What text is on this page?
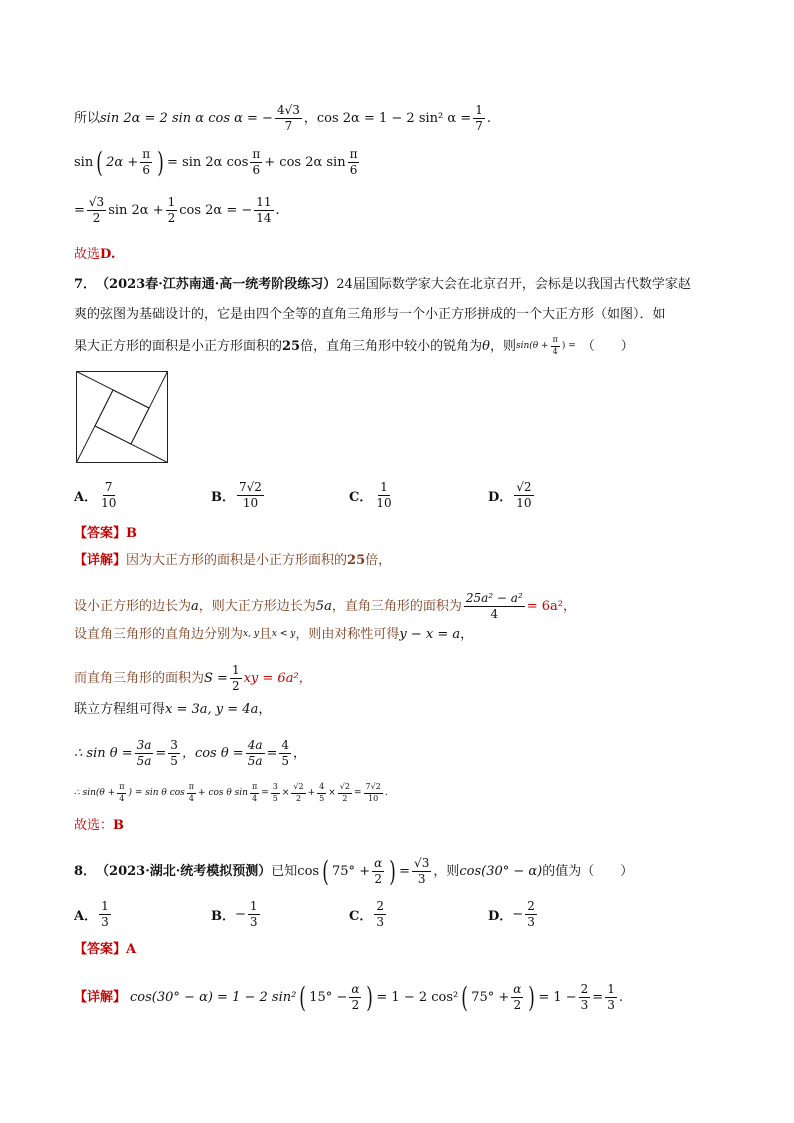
所以 sin 2α = 2 sin α cos α = − $\frac{4√3}{7}$ ，cos 2α = 1 − 2 sin² $\alpha = \frac{1}{7}$ .
sin ( $2\alpha + \frac{\pi}{6}$ ) = sin 2α $\cos \frac{\pi}{6} + \cos 2\alpha$ $\sin \frac{\pi}{6}$
= $\frac{√3}{2}$ $\sin 2\alpha + \frac{1}{2}$ cos 2α = − $\frac{11}{14}$ .
故选 D.
7． （2023春·江苏南通·高一统考阶段练习） 24届国际数学家大会在北京召开，会标是以我国古代数学家赵
爽的弦图为基础设计的，它是由四个全等的直角三角形与一个小正方形拼成的一个大正方形（如图）．如
果大正方形的面积是小正方形面积的 25 倍，直角三角形中较小的锐角为 θ ，则 $\sin(\theta + \frac{\pi}{4}$ ) = （　　）
A． $\frac{7}{10}$	B． $\frac{7√2}{10}$	C． $\frac{1}{10}$	D． $\frac{√2}{10}$
【答案】 B
【详解】 因为大正方形的面积是小正方形面积的 25 倍，
设小正方形的边长为 a ，则大正方形边长为 5a ，直角三角形的面积为 $\frac{\text{25a² − a²}}{4} = 6a^2$，
设直角三角形的直角边分别为 x, y 且 x < y ，则由对称性可得 y − x = a ，
而直角三角形的面积为 $S = \frac{1}{2}$ xy = 6a²，
联立方程组可得 x = 3a, y = 4a ，
∴ $\sin \theta = \frac{3a}{5a} = \frac{3}{5}$ ，$\cos \theta = \frac{4a}{5a} = \frac{4}{5}$ ，
∴ $\sin(\theta + \frac{\pi}{4}$ ) = sin θ $\cos \frac{\pi}{4} + \cos \theta$ $\sin \frac{\pi}{4} = \frac{3}{5} \times \frac{√2}{2} + \frac{4}{5} \times \frac{√2}{2} = \frac{7√2}{10}$ .
故选： B
8． （2023·湖北·统考模拟预测） 已知 cos ( $75^\circ + \frac{\alpha}{2}$ ) = $\frac{√3}{3}$ ，则 cos(30° − α) 的值为（　　）
A． $\frac{1}{3}$	B． − $\frac{1}{3}$	C． $\frac{2}{3}$	D． − $\frac{2}{3}$
【答案】 A
【详解】 cos(30° − α) = 1 − 2 sin² ( $15^\circ - \frac{\alpha}{2}$ ) = 1 − 2 cos² ( $75^\circ + \frac{\alpha}{2}$ ) = $1 - \frac{2}{3} = \frac{1}{3}$ .
